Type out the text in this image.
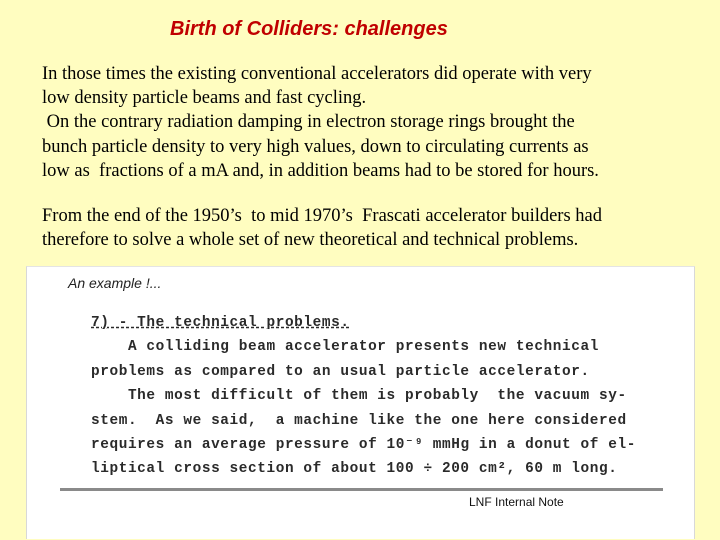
Birth of Colliders: challenges

In those times the existing conventional accelerators did operate with very
low density particle beams and fast cycling.
On the contrary radiation damping in electron storage rings brought the
bunch particle density to very high values, down to circulating currents as
low as  fractions of a mA and, in addition beams had to be stored for hours.

From the end of the 1950’s  to mid 1970’s  Frascati accelerator builders had
therefore to solve a whole set of new theoretical and technical problems.

An example !...
7) - The technical problems.
A colliding beam accelerator presents new technical
problems as compared to an usual particle accelerator.
The most difficult of them is probably  the vacuum sy-
stem.  As we said,  a machine like the one here considered
requires an average pressure of 10⁻⁹ mmHg in a donut of el-
liptical cross section of about 100 ÷ 200 cm², 60 m long.
LNF Internal Note
